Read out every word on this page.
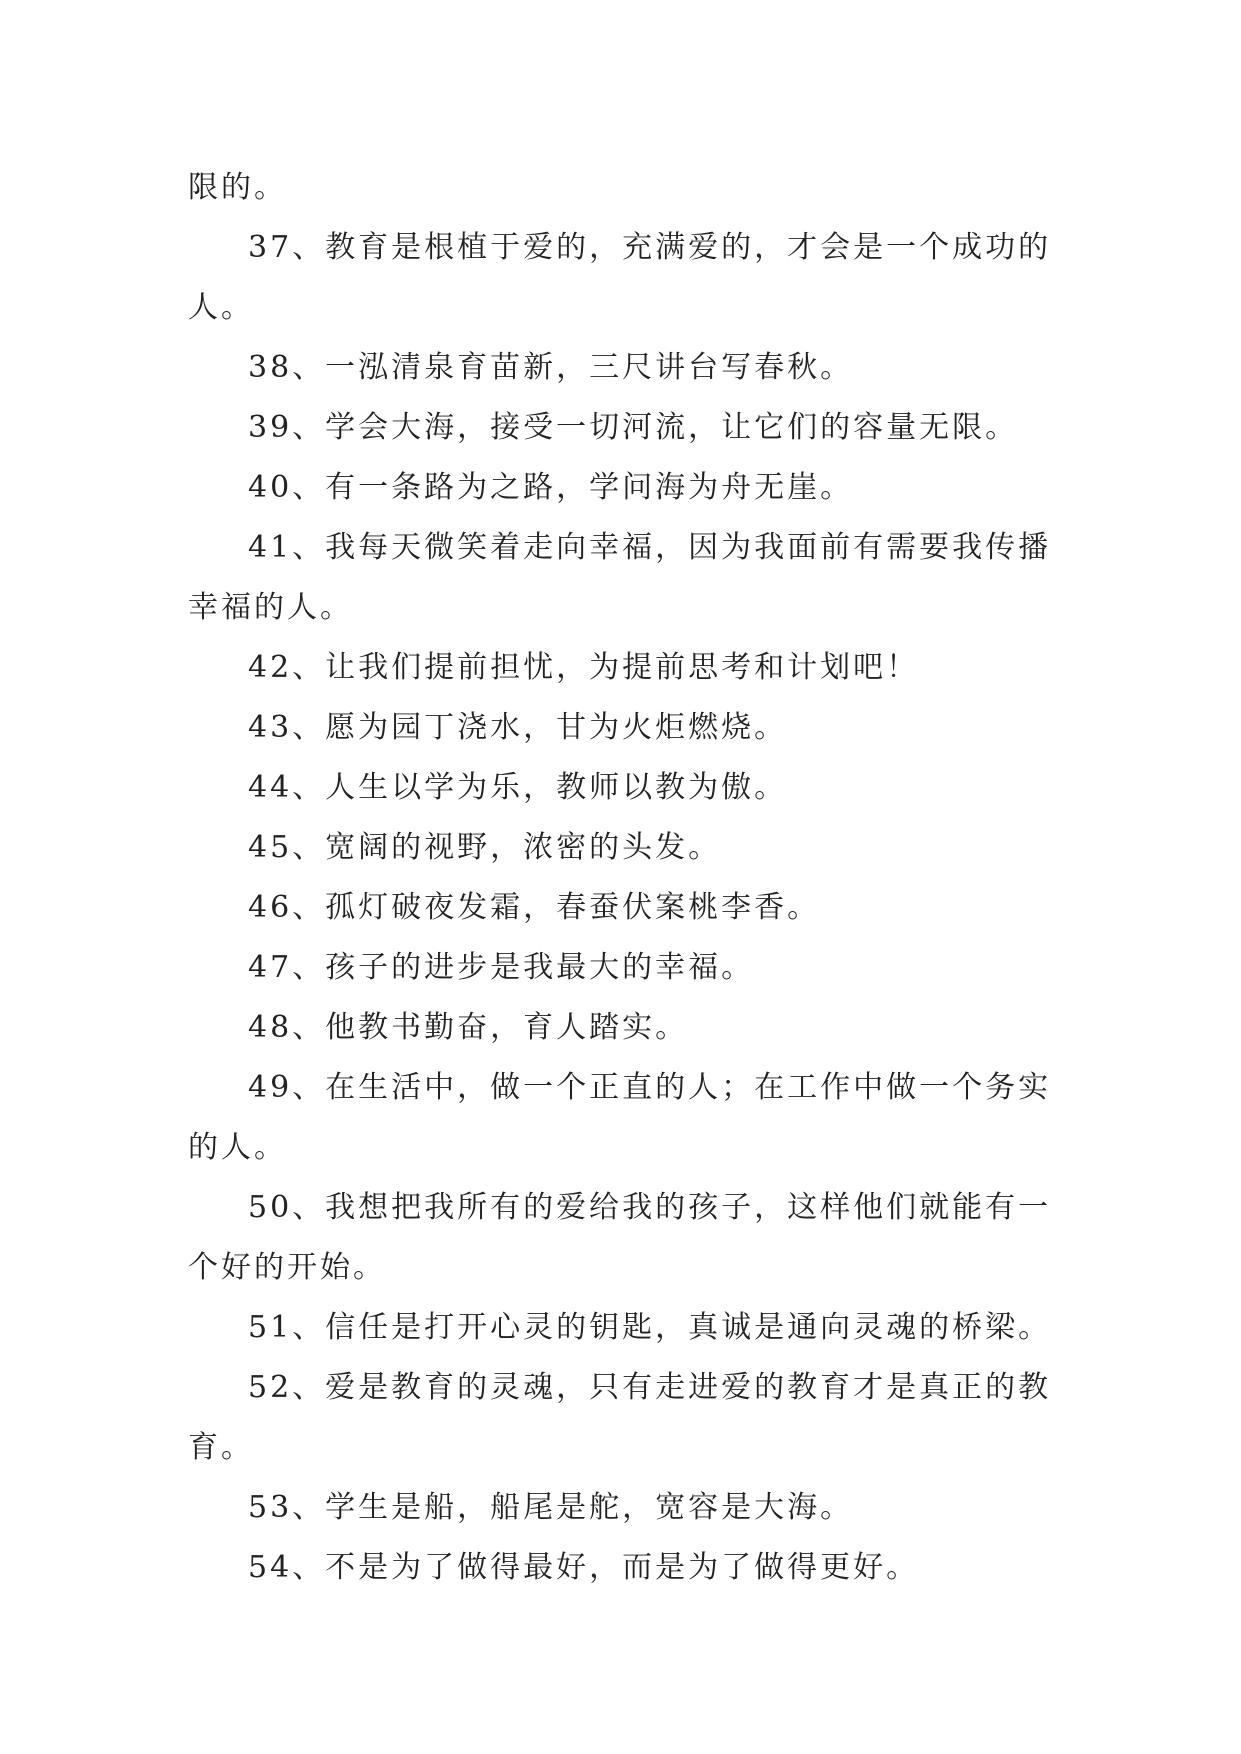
限的。

37、教育是根植于爱的，充满爱的，才会是一个成功的人。

38、一泓清泉育苗新，三尺讲台写春秋。

39、学会大海，接受一切河流，让它们的容量无限。

40、有一条路为之路，学问海为舟无崖。

41、我每天微笑着走向幸福，因为我面前有需要我传播幸福的人。

42、让我们提前担忧，为提前思考和计划吧！

43、愿为园丁浇水，甘为火炬燃烧。

44、人生以学为乐，教师以教为傲。

45、宽阔的视野，浓密的头发。

46、孤灯破夜发霜，春蚕伏案桃李香。

47、孩子的进步是我最大的幸福。

48、他教书勤奋，育人踏实。

49、在生活中，做一个正直的人；在工作中做一个务实的人。

50、我想把我所有的爱给我的孩子，这样他们就能有一个好的开始。

51、信任是打开心灵的钥匙，真诚是通向灵魂的桥梁。

52、爱是教育的灵魂，只有走进爱的教育才是真正的教育。

53、学生是船，船尾是舵，宽容是大海。

54、不是为了做得最好，而是为了做得更好。
